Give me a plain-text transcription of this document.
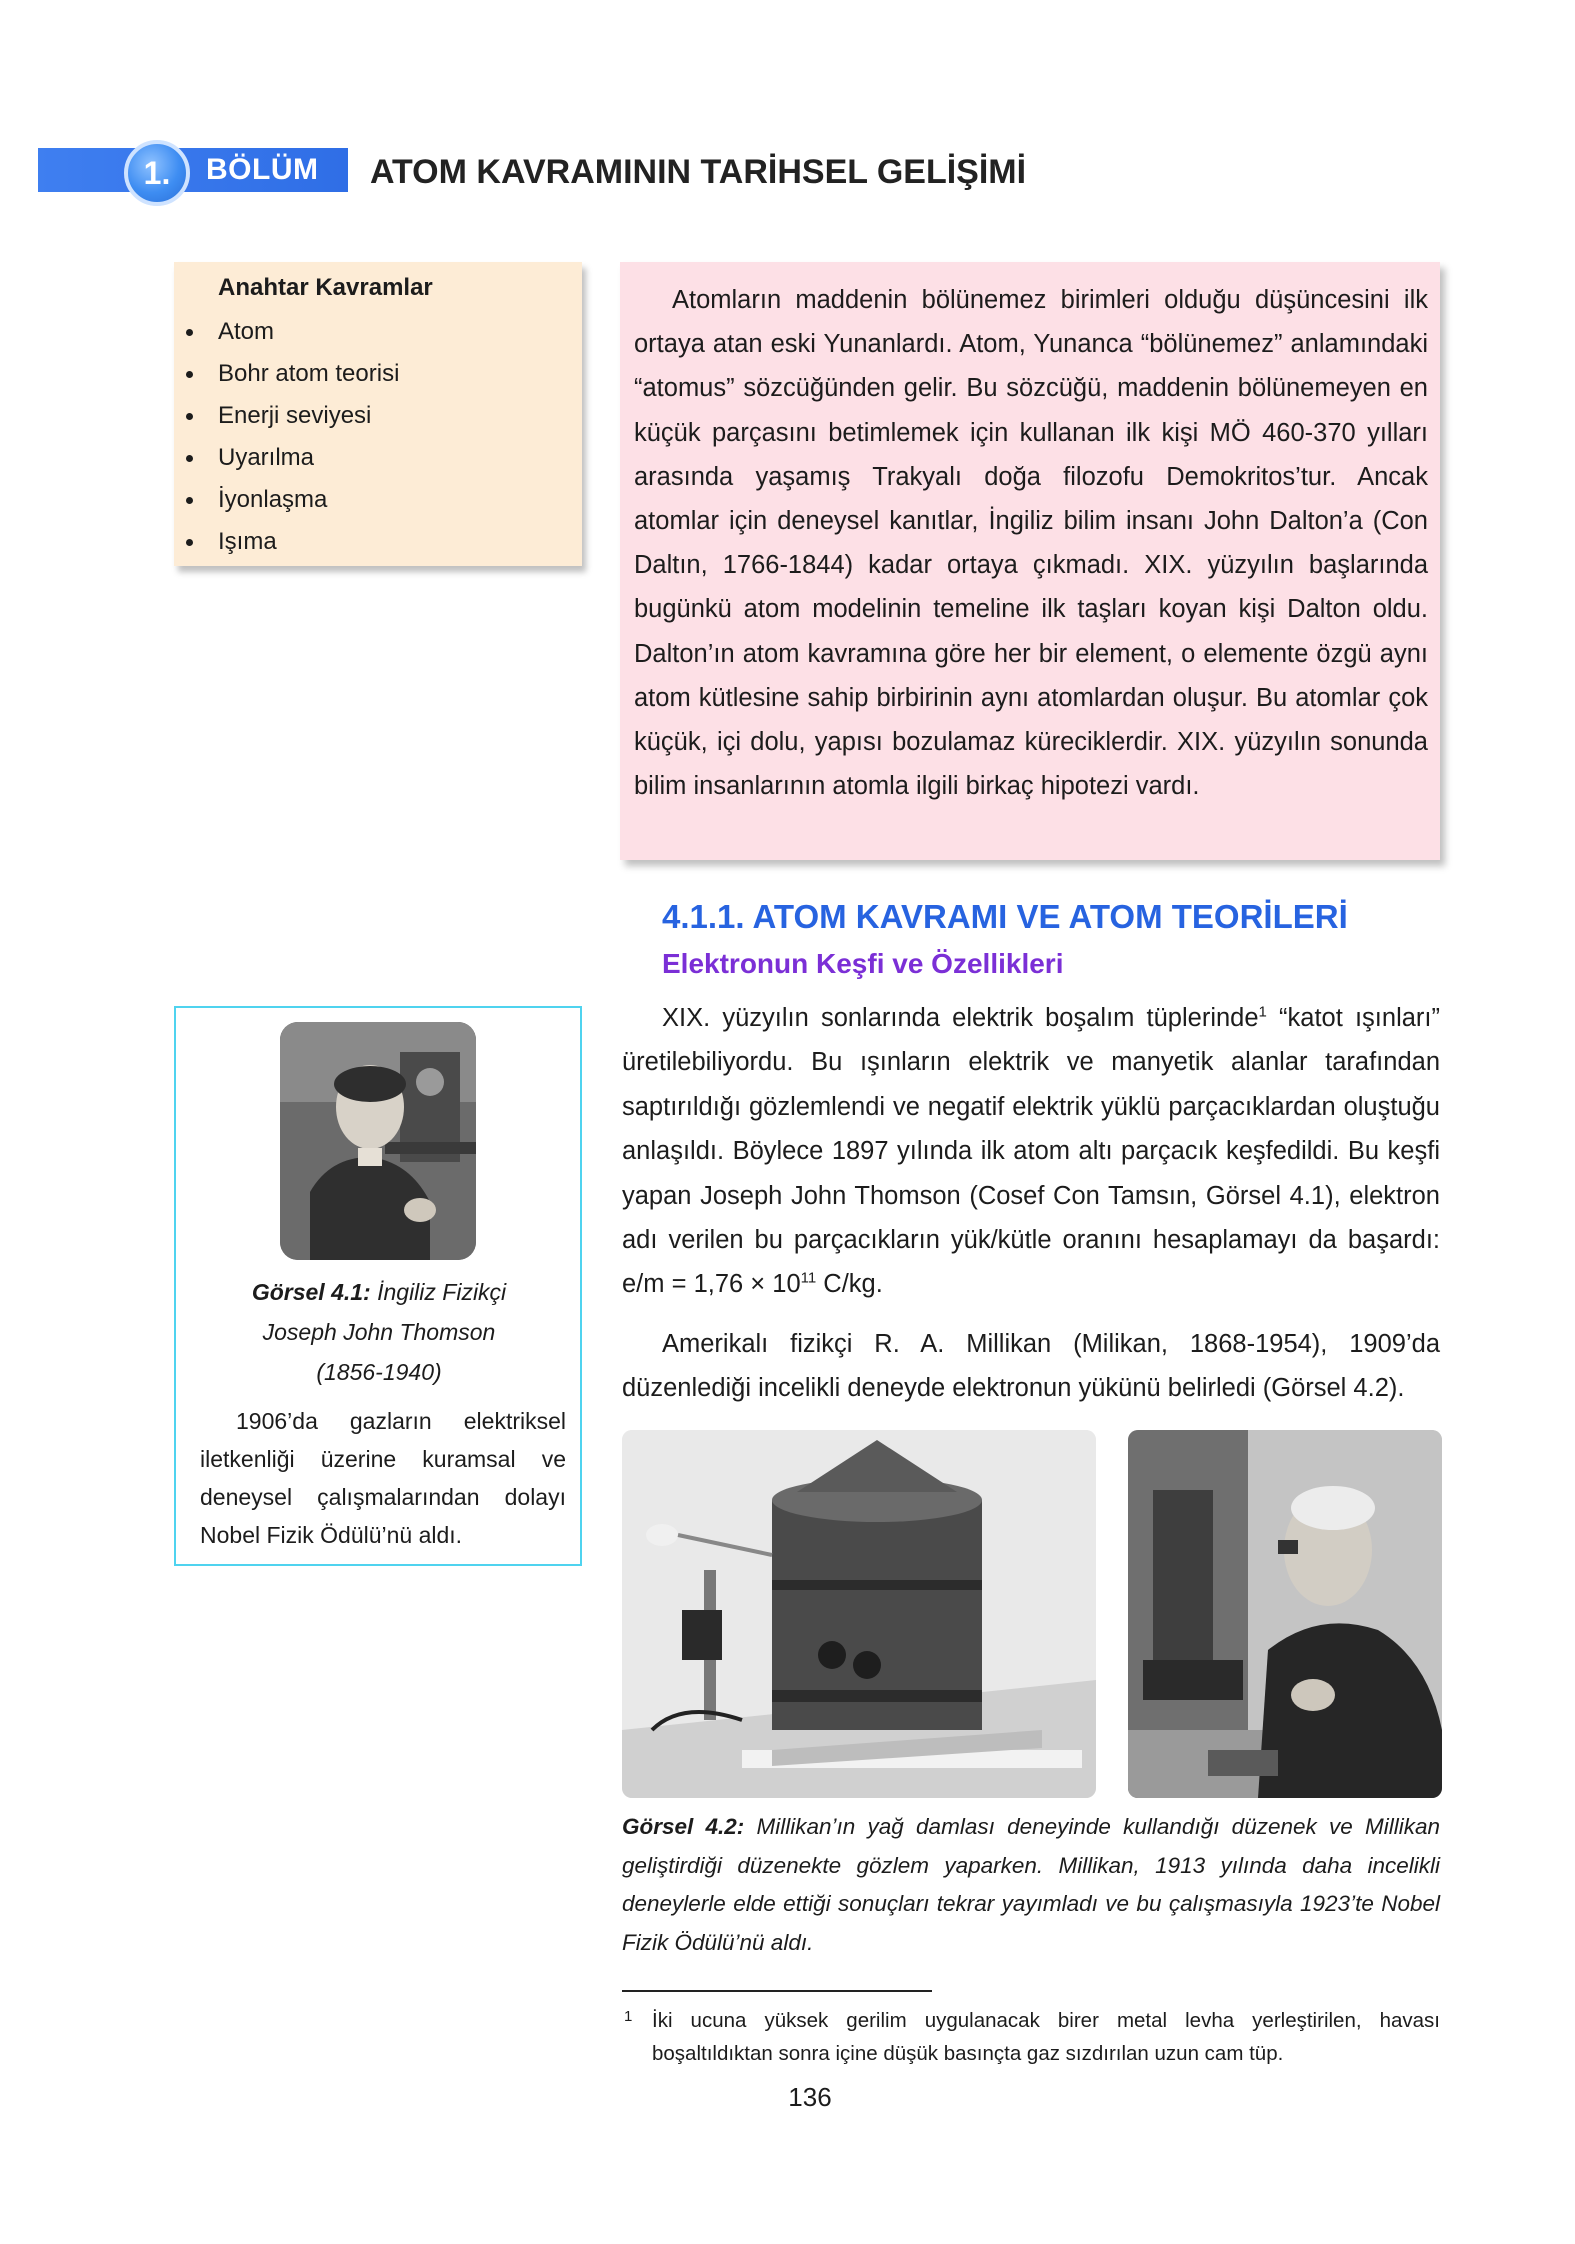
1.	BÖLÜM ATOM KAVRAMININ TARİHSEL GELİŞİMİ
Anahtar Kavramlar
Atom
Bohr atom teorisi
Enerji seviyesi
Uyarılma
İyonlaşma
Işıma

Atomların maddenin bölünemez birimleri olduğu düşüncesini ilk ortaya atan eski Yunanlardı. Atom, Yunanca “bölünemez” anlamındaki “atomus” sözcüğünden gelir. Bu sözcüğü, maddenin bölünemeyen en küçük parçasını betimlemek için kullanan ilk kişi MÖ 460-370 yılları arasında yaşamış Trakyalı doğa filozofu Demokritos’tur. Ancak atomlar için deneysel kanıtlar, İngiliz bilim insanı John Dalton’a (Con Daltın, 1766-1844) kadar ortaya çıkmadı. XIX. yüzyılın başlarında bugünkü atom modelinin temeline ilk taşları koyan kişi Dalton oldu. Dalton’ın atom kavramına göre her bir element, o elemente özgü aynı atom kütlesine sahip birbirinin aynı atomlardan oluşur. Bu atomlar çok küçük, içi dolu, yapısı bozulamaz küreciklerdir. XIX. yüzyılın sonunda bilim insanlarının atomla ilgili birkaç hipotezi vardı.

4.1.1. ATOM KAVRAMI VE ATOM TEORİLERİ
Elektronun Keşfi ve Özellikleri

XIX. yüzyılın sonlarında elektrik boşalım tüplerinde$^1$ “katot ışınları” üretilebiliyordu. Bu ışınların elektrik ve manyetik alanlar tarafından saptırıldığı gözlemlendi ve negatif elektrik yüklü parçacıklardan oluştuğu anlaşıldı. Böylece 1897 yılında ilk atom altı parçacık keşfedildi. Bu keşfi yapan Joseph John Thomson (Cosef Con Tamsın, Görsel 4.1), elektron adı verilen bu parçacıkların yük/kütle oranını hesaplamayı da başardı: $e/m = 1,76 \times 10^{11}$ C/kg.

Amerikalı fizikçi R. A. Millikan (Milikan, 1868-1954), 1909’da düzenlediği incelikli deneyde elektronun yükünü belirledi (Görsel 4.2).

Görsel 4.1: İngiliz Fizikçi
Joseph John Thomson
(1856-1940)

1906’da gazların elektriksel iletkenliği üzerine kuramsal ve deneysel çalışmalarından dolayı Nobel Fizik Ödülü’nü aldı.

Görsel 4.2: Millikan’ın yağ damlası deneyinde kullandığı düzenek ve Millikan geliştirdiği düzenekte gözlem yaparken. Millikan, 1913 yılında daha incelikli deneylerle elde ettiği sonuçları tekrar yayımladı ve bu çalışmasıyla 1923’te Nobel Fizik Ödülü’nü aldı.

1 İki ucuna yüksek gerilim uygulanacak birer metal levha yerleştirilen, havası boşaltıldıktan sonra içine düşük basınçta gaz sızdırılan uzun cam tüp.

136
